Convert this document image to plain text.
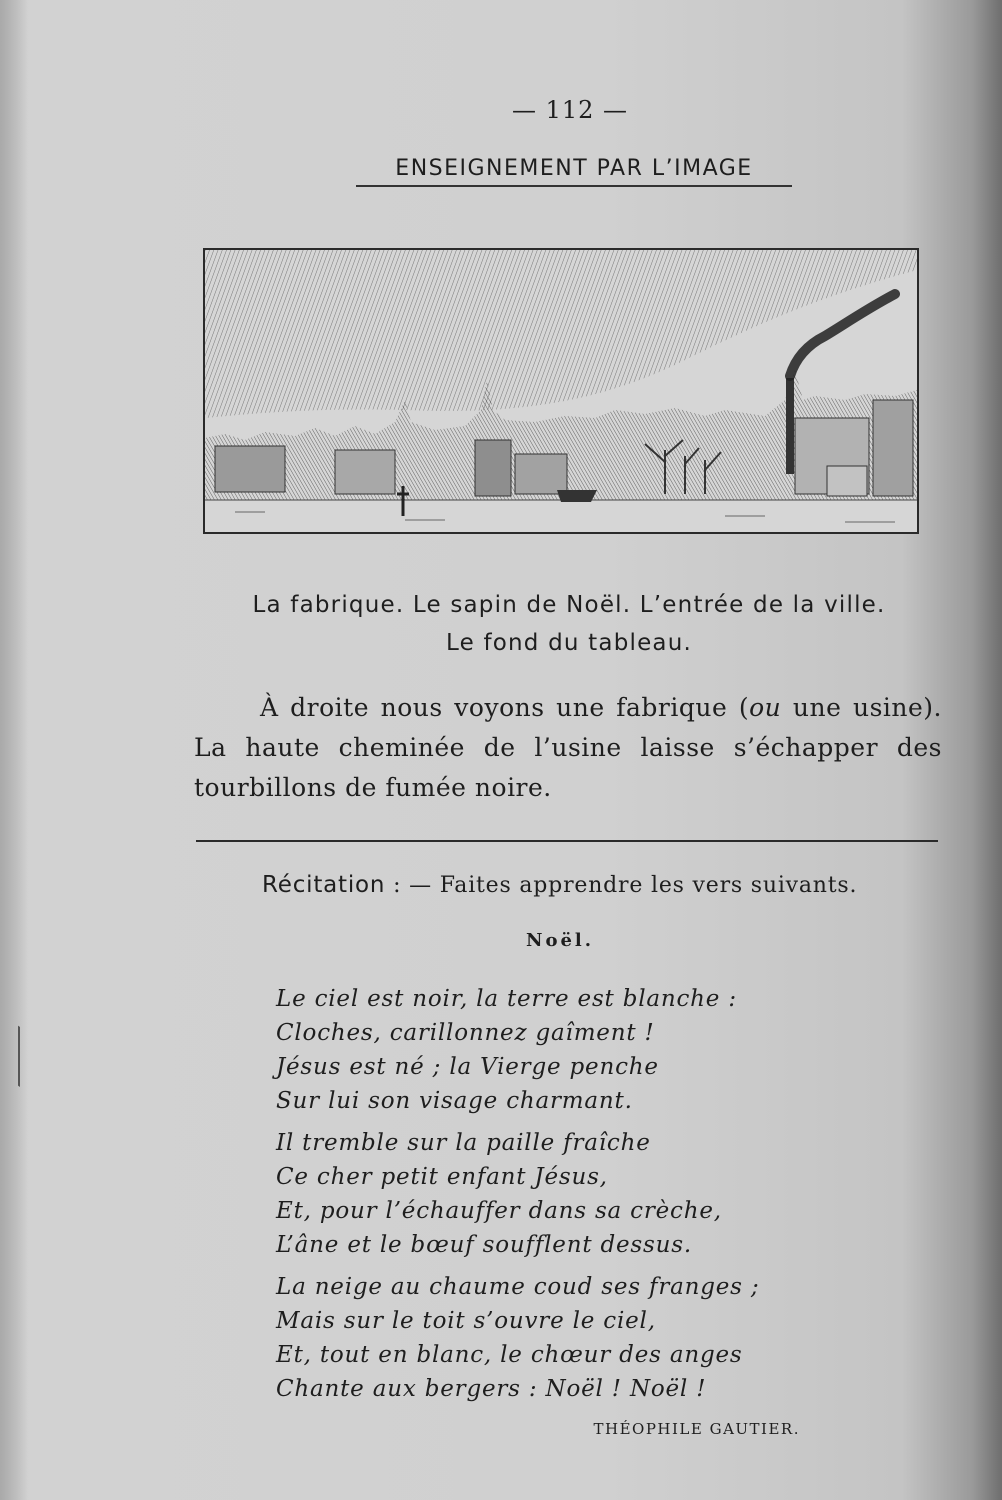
— 112 —
ENSEIGNEMENT PAR L’IMAGE
La fabrique. Le sapin de Noël. L’entrée de la ville.
Le fond du tableau.
À droite nous voyons une fabrique (ou une usine). La haute cheminée de l’usine laisse s’échapper des tourbillons de fumée noire.
Récitation : — Faites apprendre les vers suivants.
Noël.
Le ciel est noir, la terre est blanche :
Cloches, carillonnez gaîment !
Jésus est né ; la Vierge penche
Sur lui son visage charmant.
Il tremble sur la paille fraîche
Ce cher petit enfant Jésus,
Et, pour l’échauffer dans sa crèche,
L’âne et le bœuf soufflent dessus.
La neige au chaume coud ses franges ;
Mais sur le toit s’ouvre le ciel,
Et, tout en blanc, le chœur des anges
Chante aux bergers : Noël ! Noël !
THÉOPHILE GAUTIER.
